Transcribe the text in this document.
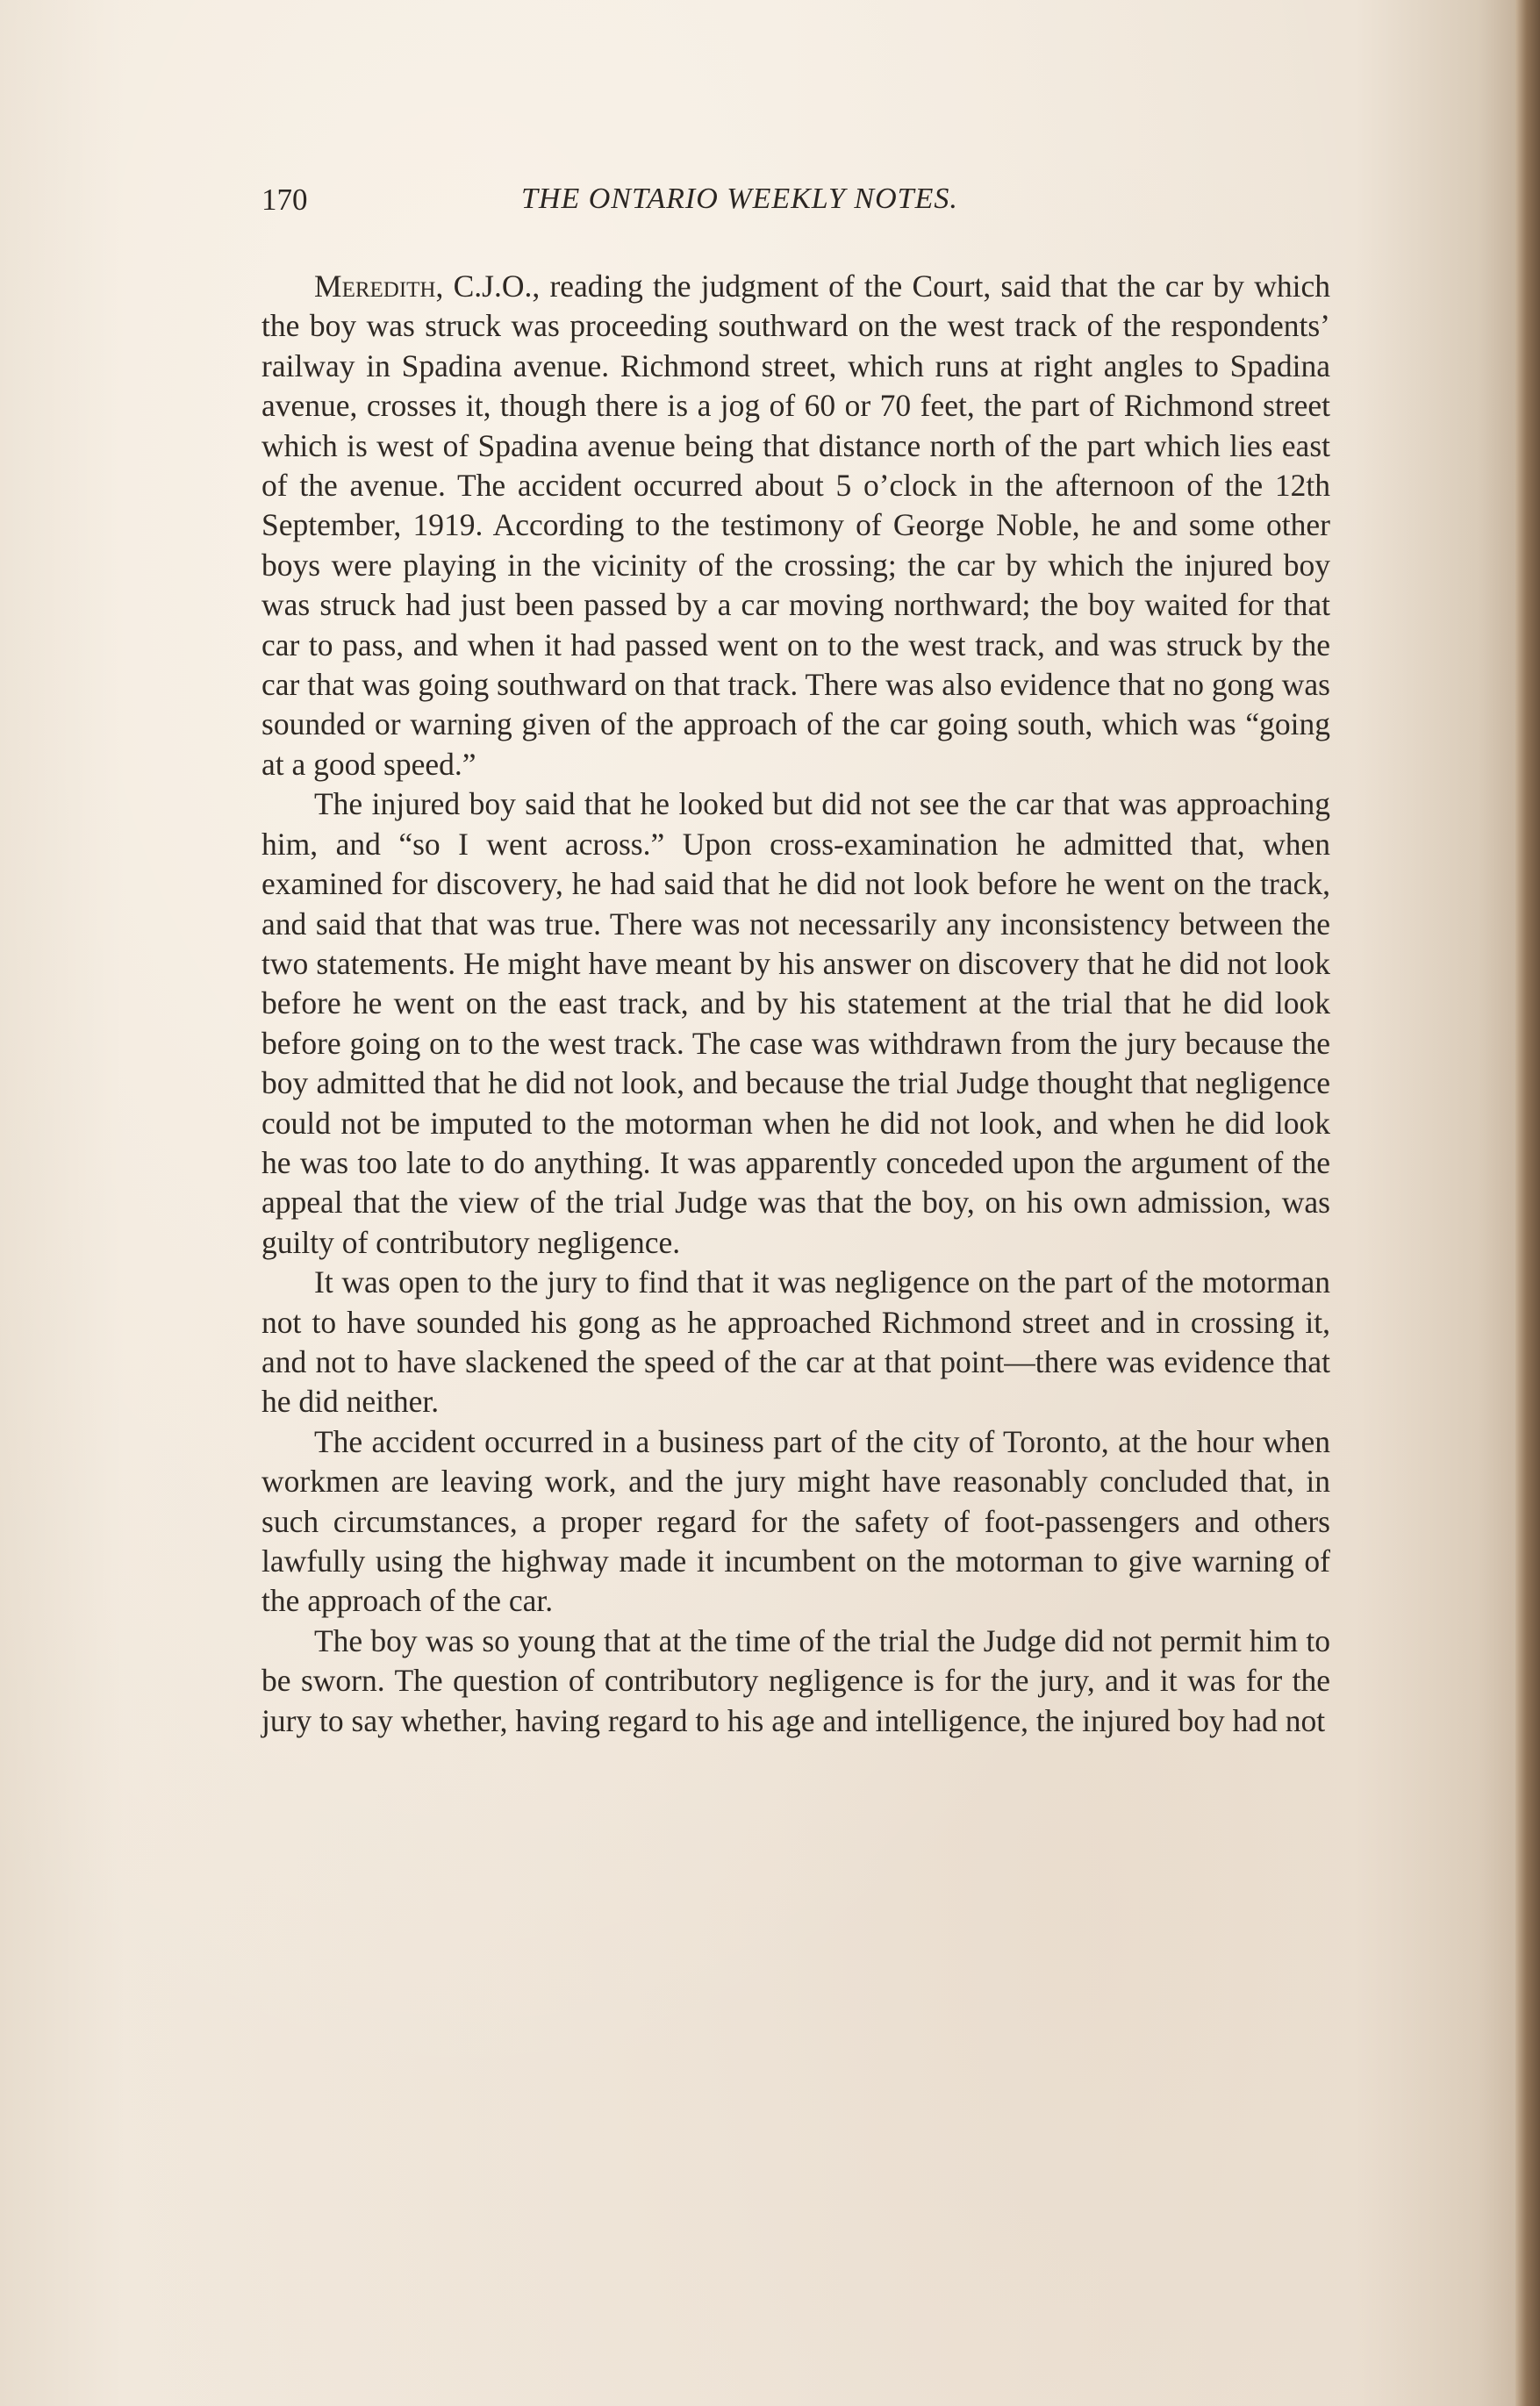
170	THE ONTARIO WEEKLY NOTES.

Meredith, C.J.O., reading the judgment of the Court, said that the car by which the boy was struck was proceeding southward on the west track of the respondents’ railway in Spadina avenue. Richmond street, which runs at right angles to Spadina avenue, crosses it, though there is a jog of 60 or 70 feet, the part of Richmond street which is west of Spadina avenue being that distance north of the part which lies east of the avenue. The accident occurred about 5 o’clock in the afternoon of the 12th September, 1919. According to the testimony of George Noble, he and some other boys were playing in the vicinity of the crossing; the car by which the injured boy was struck had just been passed by a car moving northward; the boy waited for that car to pass, and when it had passed went on to the west track, and was struck by the car that was going southward on that track. There was also evidence that no gong was sounded or warning given of the approach of the car going south, which was “going at a good speed.”

The injured boy said that he looked but did not see the car that was approaching him, and “so I went across.” Upon cross-examination he admitted that, when examined for discovery, he had said that he did not look before he went on the track, and said that that was true. There was not necessarily any inconsistency between the two statements. He might have meant by his answer on discovery that he did not look before he went on the east track, and by his statement at the trial that he did look before going on to the west track. The case was withdrawn from the jury because the boy admitted that he did not look, and because the trial Judge thought that negligence could not be imputed to the motorman when he did not look, and when he did look he was too late to do anything. It was apparently conceded upon the argument of the appeal that the view of the trial Judge was that the boy, on his own admission, was guilty of contributory negligence.

It was open to the jury to find that it was negligence on the part of the motorman not to have sounded his gong as he approached Richmond street and in crossing it, and not to have slackened the speed of the car at that point—there was evidence that he did neither.

The accident occurred in a business part of the city of Toronto, at the hour when workmen are leaving work, and the jury might have reasonably concluded that, in such circumstances, a proper regard for the safety of foot-passengers and others lawfully using the highway made it incumbent on the motorman to give warning of the approach of the car.

The boy was so young that at the time of the trial the Judge did not permit him to be sworn. The question of contributory negligence is for the jury, and it was for the jury to say whether, having regard to his age and intelligence, the injured boy had not
